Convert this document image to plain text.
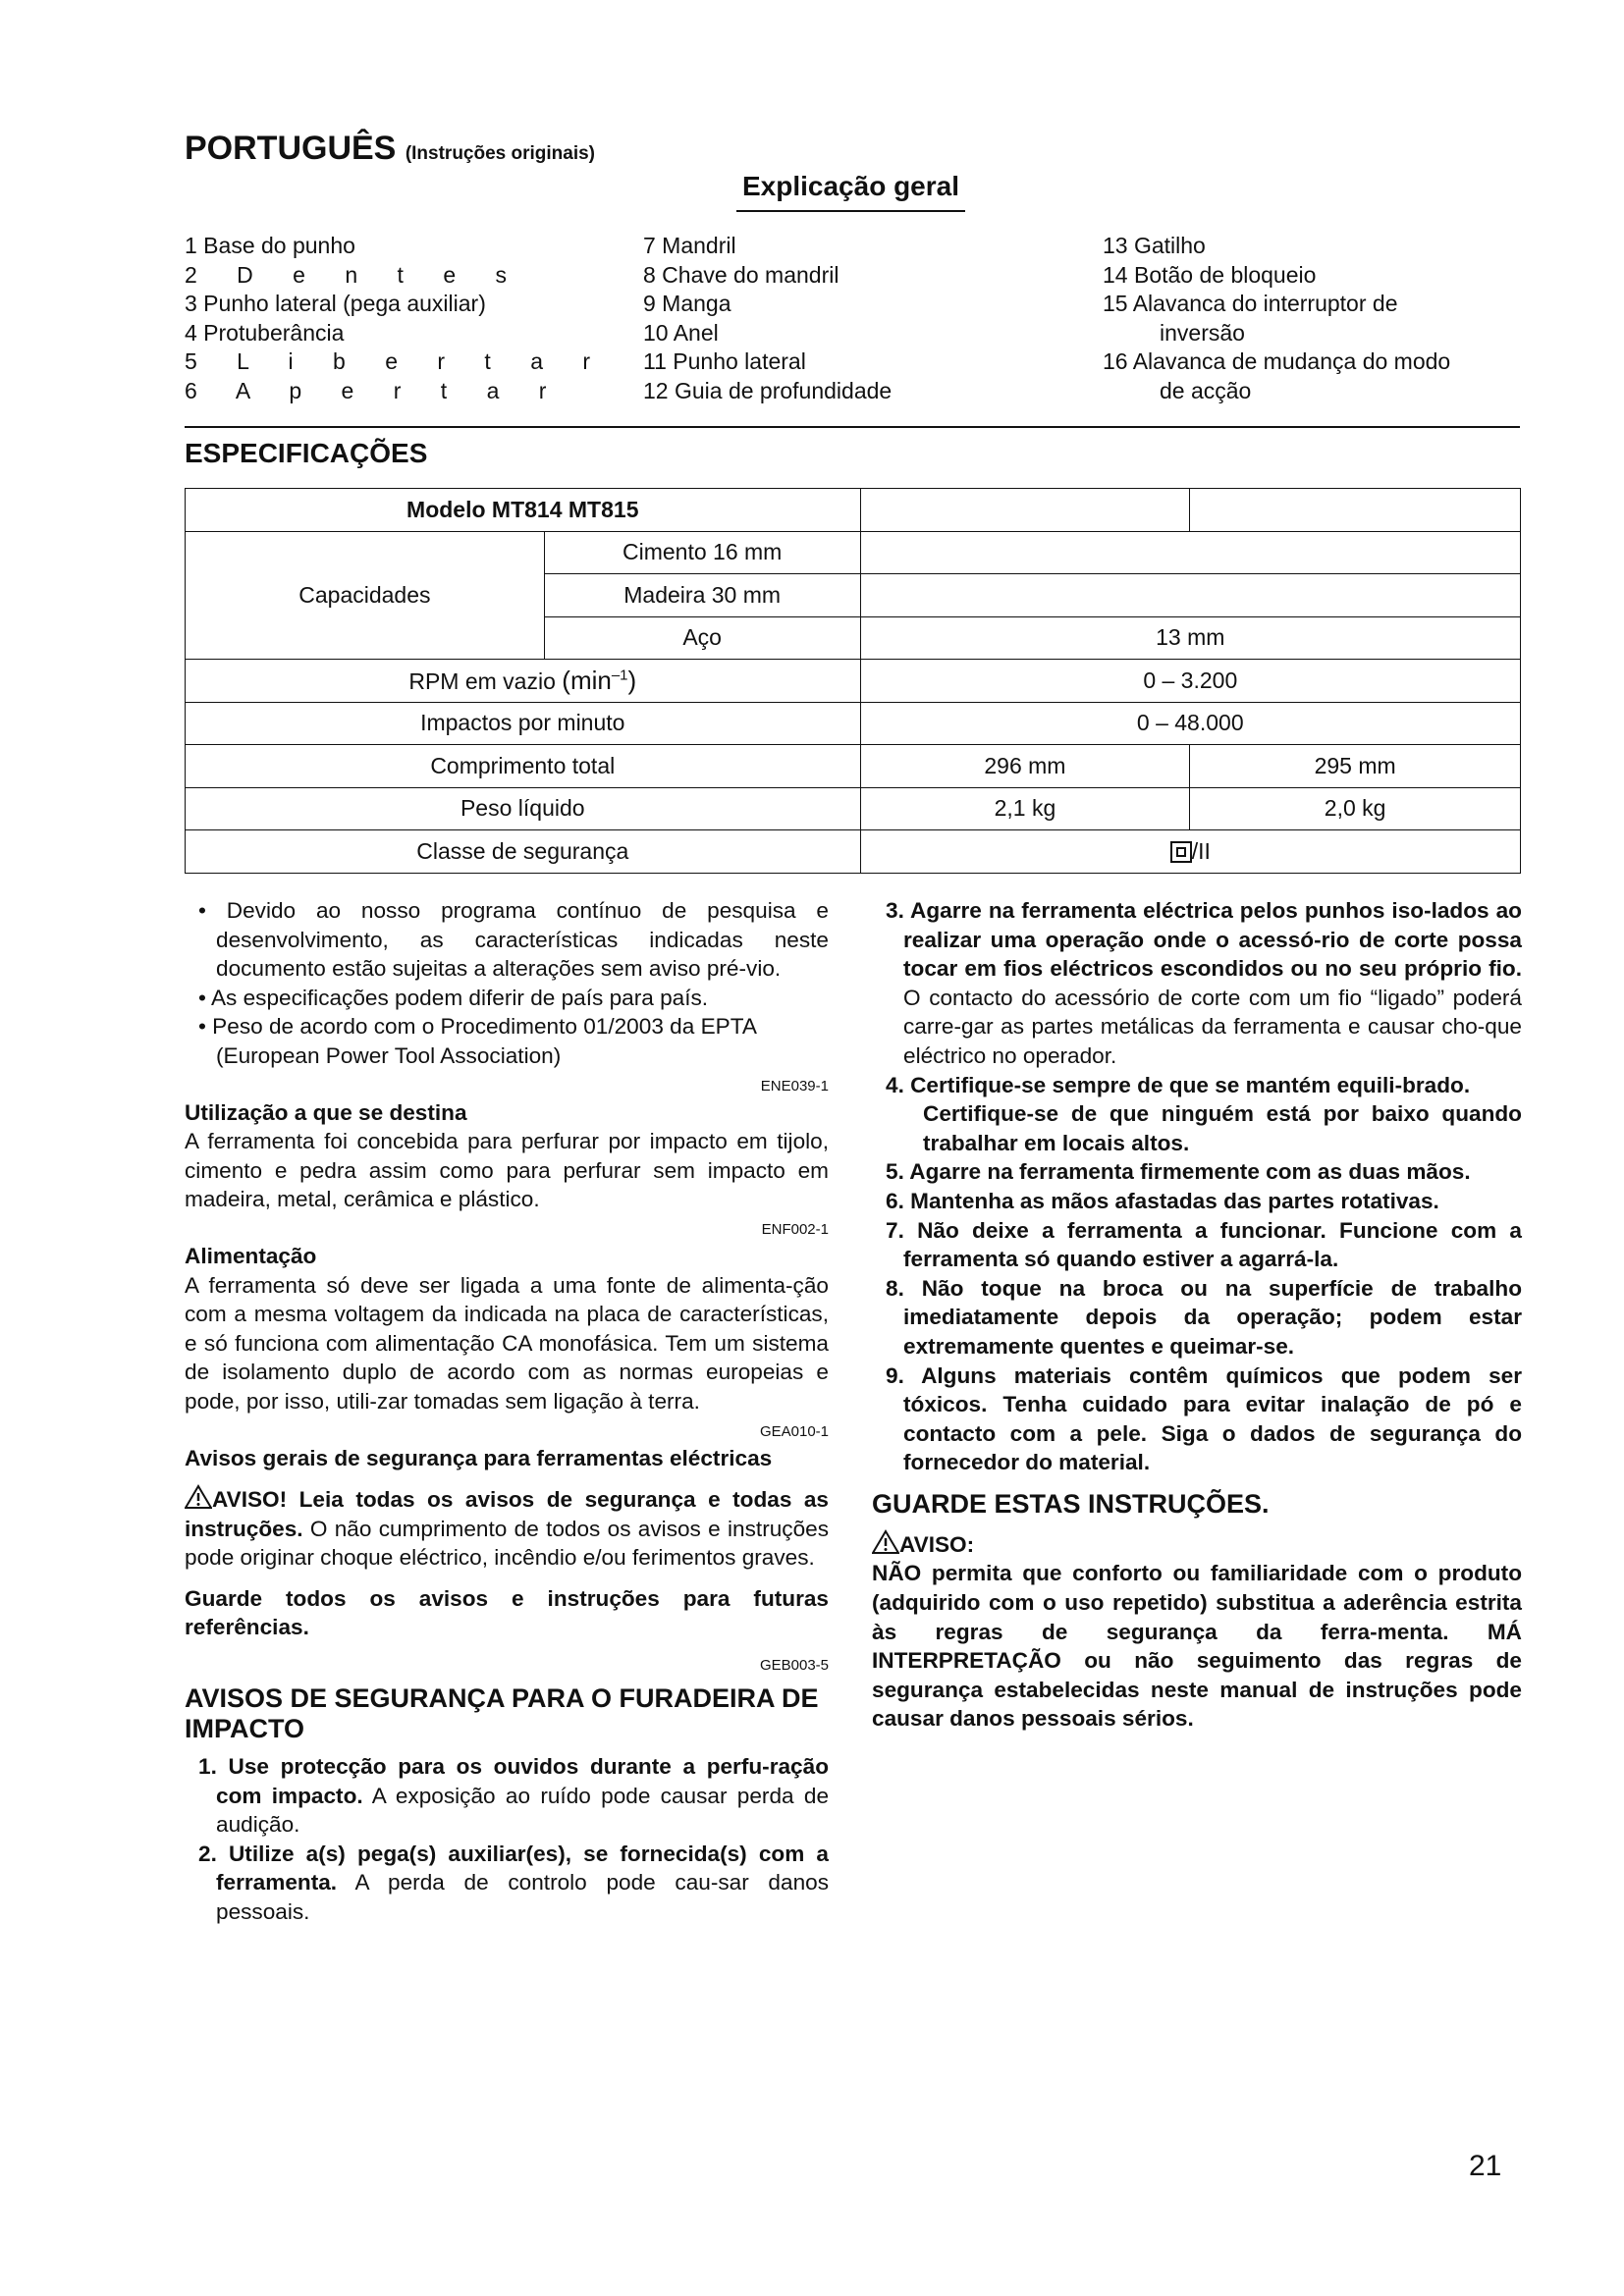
PORTUGUÊS (Instruções originais)
Explicação geral
1 Base do punho
2 D e n t e s
3 Punho lateral (pega auxiliar)
4 Protuberância
5 L i b e r t a r
6 A p e r t a r
7 Mandril
8 Chave do mandril
9 Manga
10 Anel
11 Punho lateral
12 Guia de profundidade
13 Gatilho
14 Botão de bloqueio
15 Alavanca do interruptor de
inversão
16 Alavanca de mudança do modo
de acção
ESPECIFICAÇÕES
Modelo MT814 MT815			
Capacidades	Cimento 16 mm		
	Madeira 30 mm		
	Aço	13 mm	
RPM em vazio $(\min^{-1})$		0 – 3.200	
Impactos por minuto		0 – 48.000	
Comprimento total		296 mm	295 mm
Peso líquido		2,1 kg	2,0 kg
Classe de segurança		/II	

• Devido ao nosso programa contínuo de pesquisa e desenvolvimento, as características indicadas neste documento estão sujeitas a alterações sem aviso pré-vio.

• As especificações podem diferir de país para país.

• Peso de acordo com o Procedimento 01/2003 da EPTA (European Power Tool Association)

ENE039-1

Utilização a que se destina

A ferramenta foi concebida para perfurar por impacto em tijolo, cimento e pedra assim como para perfurar sem impacto em madeira, metal, cerâmica e plástico.

ENF002-1

Alimentação

A ferramenta só deve ser ligada a uma fonte de alimenta-ção com a mesma voltagem da indicada na placa de características, e só funciona com alimentação CA monofásica. Tem um sistema de isolamento duplo de acordo com as normas europeias e pode, por isso, utili-zar tomadas sem ligação à terra.

GEA010-1

Avisos gerais de segurança para ferramentas eléctricas

AVISO! Leia todas os avisos de segurança e todas as instruções. O não cumprimento de todos os avisos e instruções pode originar choque eléctrico, incêndio e/ou ferimentos graves.

Guarde todos os avisos e instruções para futuras referências.

GEB003-5

AVISOS DE SEGURANÇA PARA O FURADEIRA DE IMPACTO

1. Use protecção para os ouvidos durante a perfu-ração com impacto. A exposição ao ruído pode causar perda de audição.

2. Utilize a(s) pega(s) auxiliar(es), se fornecida(s) com a ferramenta. A perda de controlo pode cau-sar danos pessoais.

3. Agarre na ferramenta eléctrica pelos punhos iso-lados ao realizar uma operação onde o acessó-rio de corte possa tocar em fios eléctricos escondidos ou no seu próprio fio. O contacto do acessório de corte com um fio “ligado” poderá carre-gar as partes metálicas da ferramenta e causar cho-que eléctrico no operador.

4. Certifique-se sempre de que se mantém equili-brado.

Certifique-se de que ninguém está por baixo quando trabalhar em locais altos.

5. Agarre na ferramenta firmemente com as duas mãos.

6. Mantenha as mãos afastadas das partes rotativas.

7. Não deixe a ferramenta a funcionar. Funcione com a ferramenta só quando estiver a agarrá-la.

8. Não toque na broca ou na superfície de trabalho imediatamente depois da operação; podem estar extremamente quentes e queimar-se.

9. Alguns materiais contêm químicos que podem ser tóxicos. Tenha cuidado para evitar inalação de pó e contacto com a pele. Siga o dados de segurança do fornecedor do material.

GUARDE ESTAS INSTRUÇÕES.

AVISO:

NÃO permita que conforto ou familiaridade com o produto (adquirido com o uso repetido) substitua a aderência estrita às regras de segurança da ferra-menta. MÁ INTERPRETAÇÃO ou não seguimento das regras de segurança estabelecidas neste manual de instruções pode causar danos pessoais sérios.

21
